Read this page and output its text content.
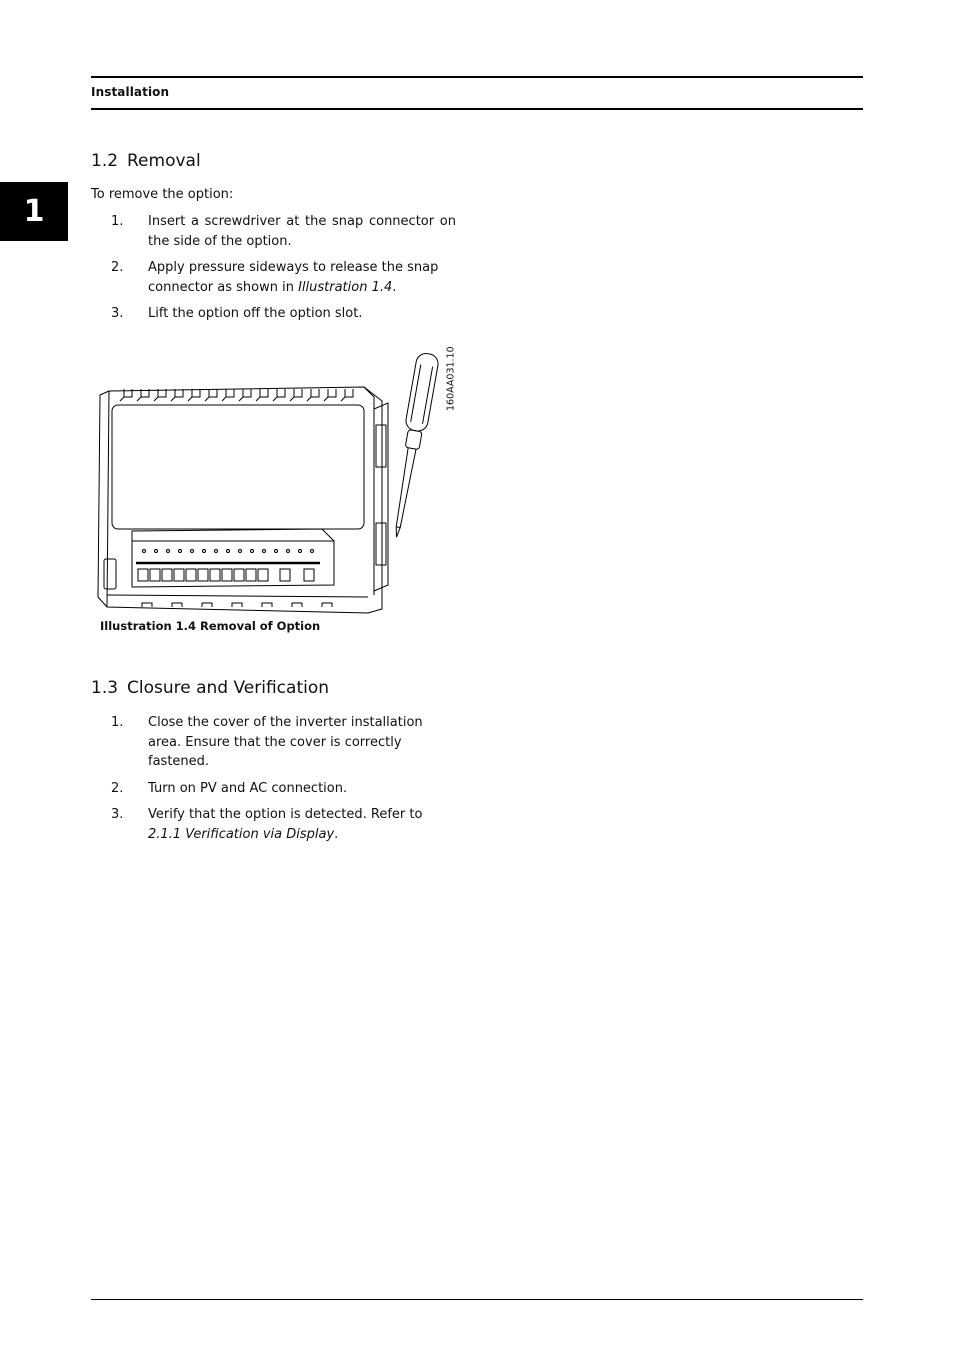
Installation
1
1.2 Removal
To remove the option:
1.	Insert a screwdriver at the snap connector on the side of the option.
2.	Apply pressure sideways to release the snap connector as shown in Illustration 1.4.
3.	Lift the option off the option slot.
160AA031.10
Illustration 1.4 Removal of Option
1.3 Closure and Verification
1.	Close the cover of the inverter installation area. Ensure that the cover is correctly fastened.
2.	Turn on PV and AC connection.
3.	Verify that the option is detected. Refer to 2.1.1 Verification via Display.
